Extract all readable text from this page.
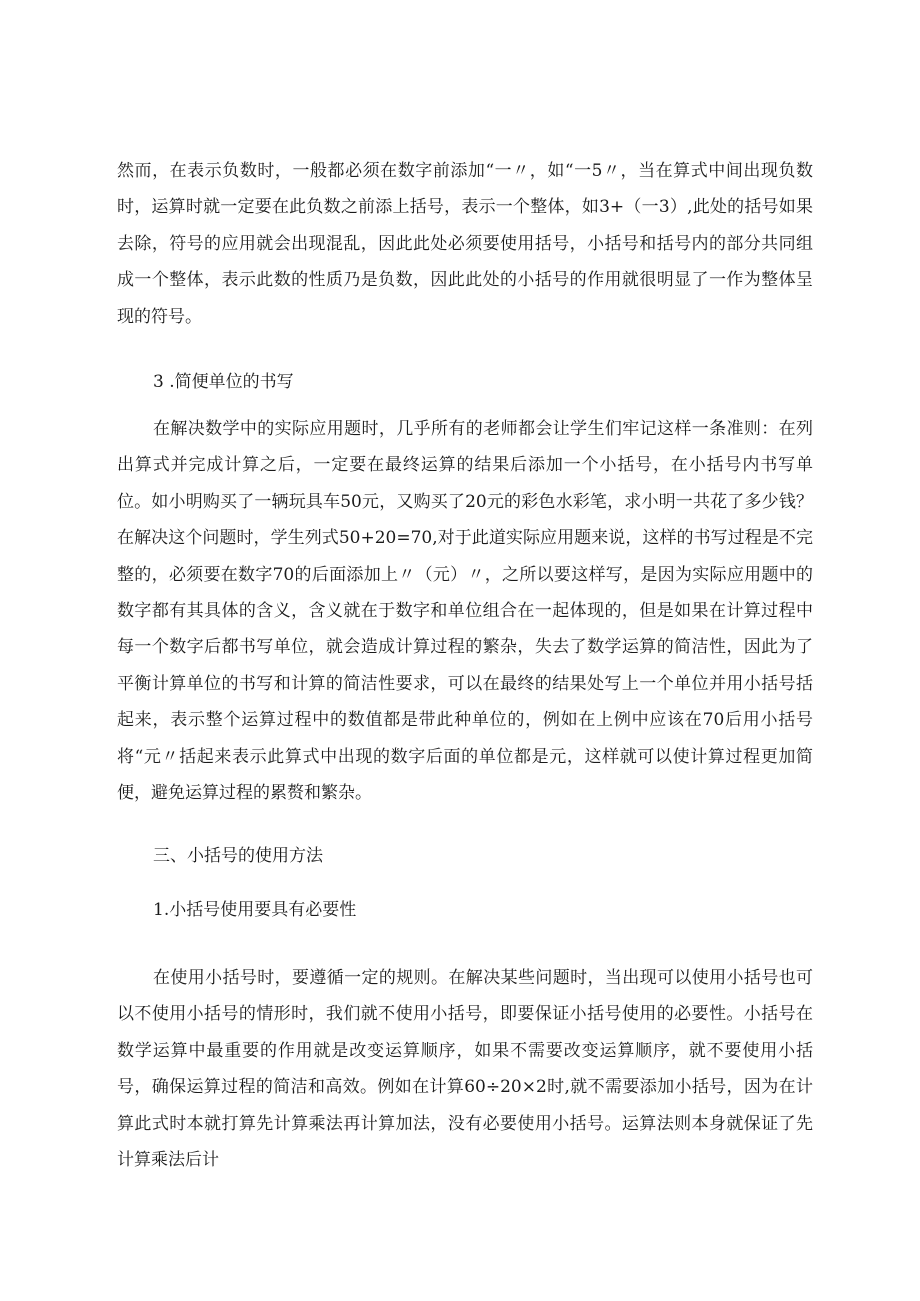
然而，在表示负数时，一般都必须在数字前添加“一〃，如“一5〃，当在算式中间出现负数时，运算时就一定要在此负数之前添上括号，表示一个整体，如3+（一3）,此处的括号如果去除，符号的应用就会出现混乱，因此此处必须要使用括号，小括号和括号内的部分共同组成一个整体，表示此数的性质乃是负数，因此此处的小括号的作用就很明显了一作为整体呈现的符号。

3 .简便单位的书写

在解决数学中的实际应用题时，几乎所有的老师都会让学生们牢记这样一条准则：在列出算式并完成计算之后，一定要在最终运算的结果后添加一个小括号，在小括号内书写单位。如小明购买了一辆玩具车50元，又购买了20元的彩色水彩笔，求小明一共花了多少钱？在解决这个问题时，学生列式50+20=70,对于此道实际应用题来说，这样的书写过程是不完整的，必须要在数字70的后面添加上〃（元）〃，之所以要这样写，是因为实际应用题中的数字都有其具体的含义，含义就在于数字和单位组合在一起体现的，但是如果在计算过程中每一个数字后都书写单位，就会造成计算过程的繁杂，失去了数学运算的简洁性，因此为了平衡计算单位的书写和计算的简洁性要求，可以在最终的结果处写上一个单位并用小括号括起来，表示整个运算过程中的数值都是带此种单位的，例如在上例中应该在70后用小括号将“元〃括起来表示此算式中出现的数字后面的单位都是元，这样就可以使计算过程更加简便，避免运算过程的累赘和繁杂。

三、小括号的使用方法

1.小括号使用要具有必要性

在使用小括号时，要遵循一定的规则。在解决某些问题时，当出现可以使用小括号也可以不使用小括号的情形时，我们就不使用小括号，即要保证小括号使用的必要性。小括号在数学运算中最重要的作用就是改变运算顺序，如果不需要改变运算顺序，就不要使用小括号，确保运算过程的简洁和高效。例如在计算60÷20×2时,就不需要添加小括号，因为在计算此式时本就打算先计算乘法再计算加法，没有必要使用小括号。运算法则本身就保证了先计算乘法后计
